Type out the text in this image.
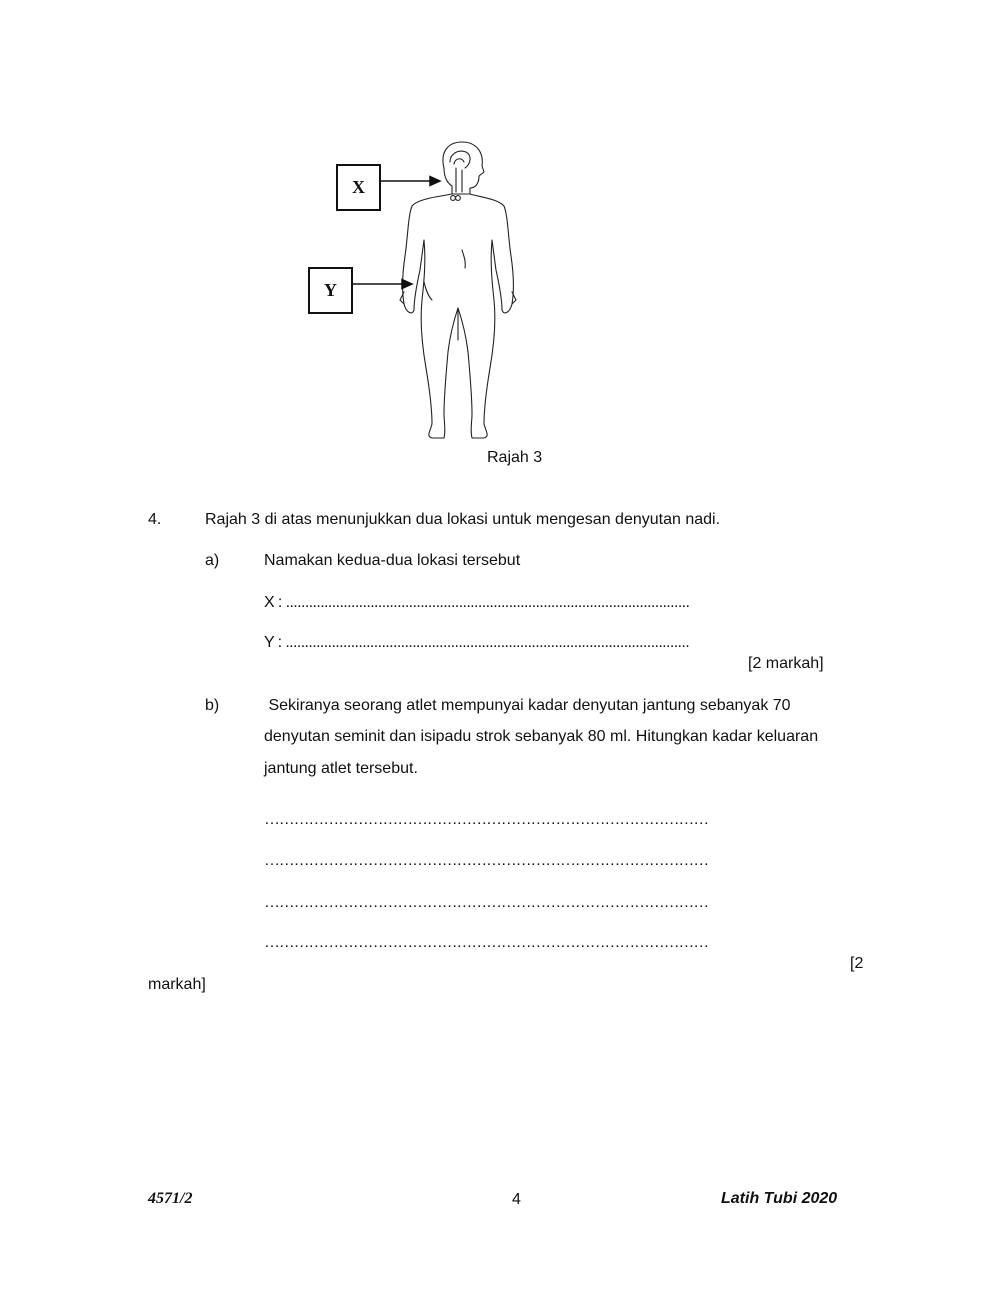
X
Y
Rajah 3
4.	Rajah 3 di atas menunjukkan dua lokasi untuk mengesan denyutan nadi.
a)	Namakan kedua-dua lokasi tersebut
X : .........................................................................................................
Y : .........................................................................................................
[2 markah]
b)	Sekiranya seorang atlet mempunyai kadar denyutan jantung sebanyak 70
denyutan seminit dan isipadu strok sebanyak 80 ml. Hitungkan kadar keluaran
jantung atlet tersebut.
………………………………………………………………………………
………………………………………………………………………………
………………………………………………………………………………
………………………………………………………………………………
[2
markah]
4571/2	4	Latih Tubi 2020
